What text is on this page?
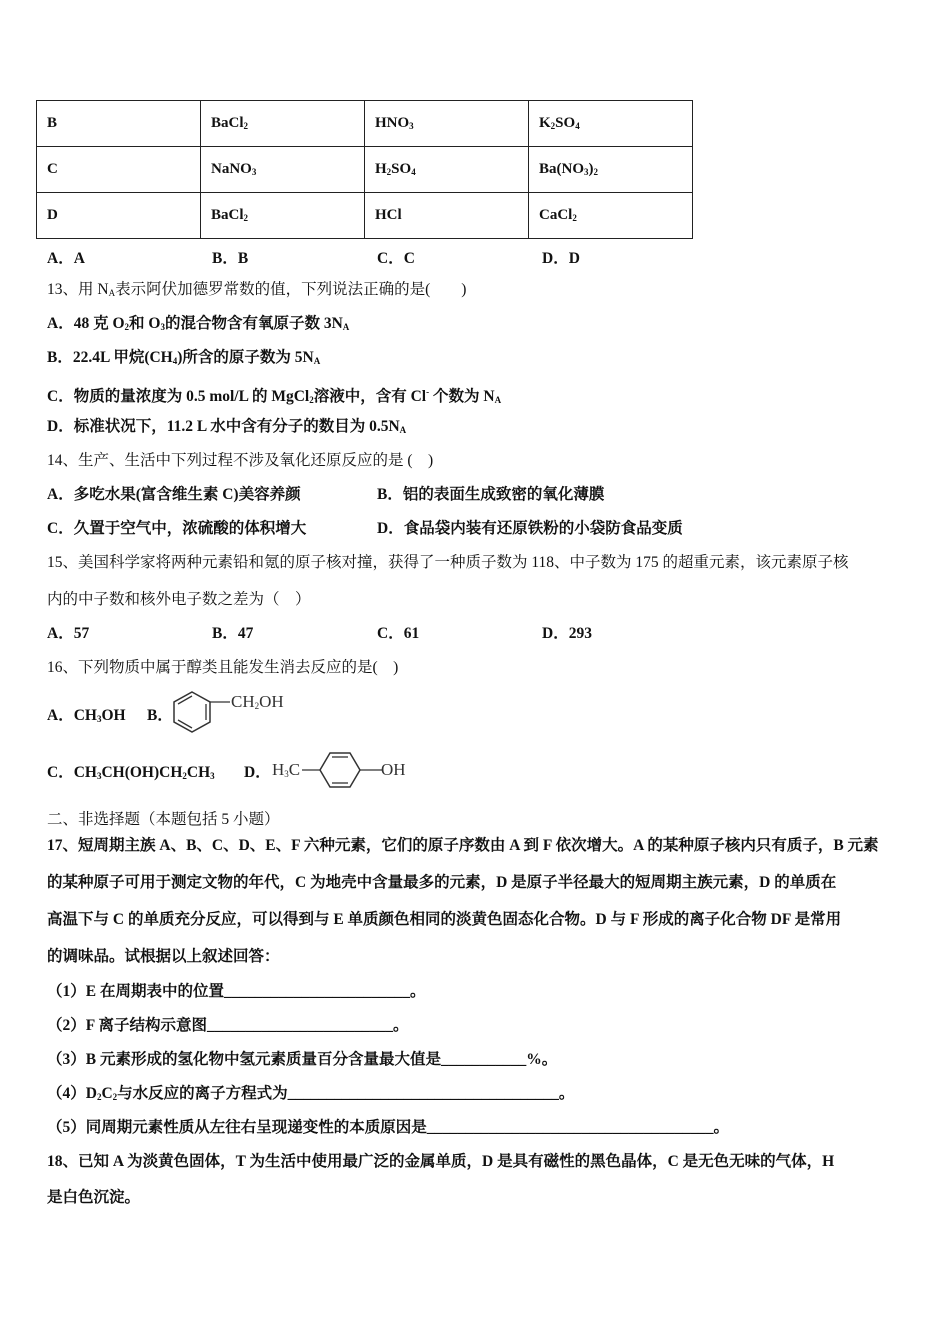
B	BaCl$_2$	$HNO_3$	$K_2SO_4$
C	NaNO$_3$	$H_2SO_4$	$Ba(NO_3)_2$
D	BaCl$_2$	HCl	CaCl$_2$
A．A	B．B	C．C	D．D
13、用 $N_A$表示阿伏加德罗常数的值，下列说法正确的是(　　)
A．48 克 $O_2$和 $O_3$的混合物含有氧原子数 $3N_A$
B．22.4L 甲烷$(CH_4)$所含的原子数为 $5N_A$
C．物质的量浓度为 0.5 mol/L 的 MgCl$_2$溶液中，含有 Cl- 个数为 $N_A$
D．标准状况下，11.2 L 水中含有分子的数目为 $0.5N_A$
14、生产、生活中下列过程不涉及氧化还原反应的是 (　)
A．多吃水果(富含维生素 C)美容养颜	B．铝的表面生成致密的氧化薄膜
C．久置于空气中，浓硫酸的体积增大	D．食品袋内装有还原铁粉的小袋防食品变质
15、美国科学家将两种元素铅和氪的原子核对撞，获得了一种质子数为 118、中子数为 175 的超重元素，该元素原子核
内的中子数和核外电子数之差为（　）
A．57	B．47	C．61	D．293
16、下列物质中属于醇类且能发生消去反应的是(　)
A．$CH_3OH$ B．
$CH_2OH$
C．$CH_3CH(OH)CH_2CH_3$ D． $H_3C$	OH
二、非选择题（本题包括 5 小题）
17、短周期主族 A、B、C、D、E、F 六种元素，它们的原子序数由 A 到 F 依次增大。A 的某种原子核内只有质子，B 元素
的某种原子可用于测定文物的年代，C 为地壳中含量最多的元素，D 是原子半径最大的短周期主族元素，D 的单质在
高温下与 C 的单质充分反应，可以得到与 E 单质颜色相同的淡黄色固态化合物。D 与 F 形成的离子化合物 DF 是常用
的调味品。试根据以上叙述回答：
（1）E 在周期表中的位置________________________。
（2）F 离子结构示意图________________________。
（3）B 元素形成的氢化物中氢元素质量百分含量最大值是___________%。
$(4)D_2C_2$与水反应的离子方程式为___________________________________。
（5）同周期元素性质从左往右呈现递变性的本质原因是_____________________________________。
18、已知 A 为淡黄色固体，T 为生活中使用最广泛的金属单质，D 是具有磁性的黑色晶体，C 是无色无味的气体，H
是白色沉淀。
